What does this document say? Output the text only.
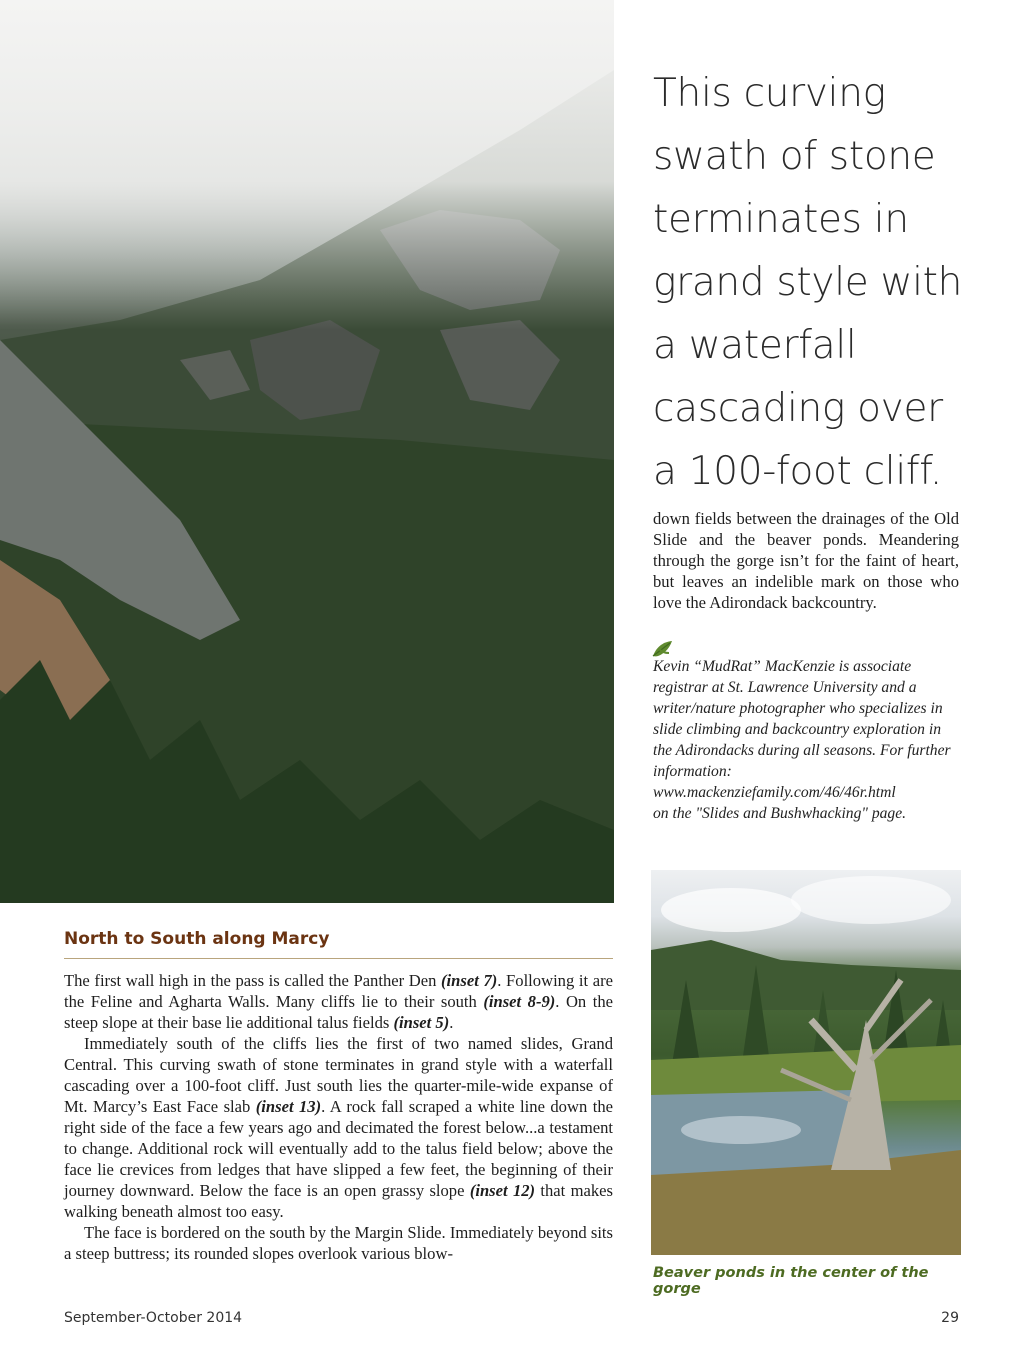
This curving swath of stone terminates in grand style with a waterfall cascading over a 100-foot cliff.
down fields between the drainages of the Old Slide and the beaver ponds. Meandering through the gorge isn’t for the faint of heart, but leaves an indelible mark on those who love the Adirondack backcountry.
Kevin “MudRat” MacKenzie is associate registrar at St. Lawrence University and a writer/nature photographer who specializes in slide climbing and backcountry exploration in the Adirondacks during all seasons. For further information: www.mackenziefamily.com/46/46r.html
on the "Slides and Bushwhacking" page.
Beaver ponds in the center of the gorge
North to South along Marcy

The first wall high in the pass is called the Panther Den (inset 7). Following it are the Feline and Agharta Walls. Many cliffs lie to their south (inset 8-9). On the steep slope at their base lie additional talus fields (inset 5).

Immediately south of the cliffs lies the first of two named slides, Grand Central. This curving swath of stone terminates in grand style with a waterfall cascading over a 100-foot cliff. Just south lies the quarter-mile-wide expanse of Mt. Marcy’s East Face slab (inset 13). A rock fall scraped a white line down the right side of the face a few years ago and decimated the forest below...a testament to change. Additional rock will eventually add to the talus field below; above the face lie crevices from ledges that have slipped a few feet, the beginning of their journey downward. Below the face is an open grassy slope (inset 12) that makes walking beneath almost too easy.

The face is bordered on the south by the Margin Slide. Immediately beyond sits a steep buttress; its rounded slopes overlook various blow-

September-October 2014	29
